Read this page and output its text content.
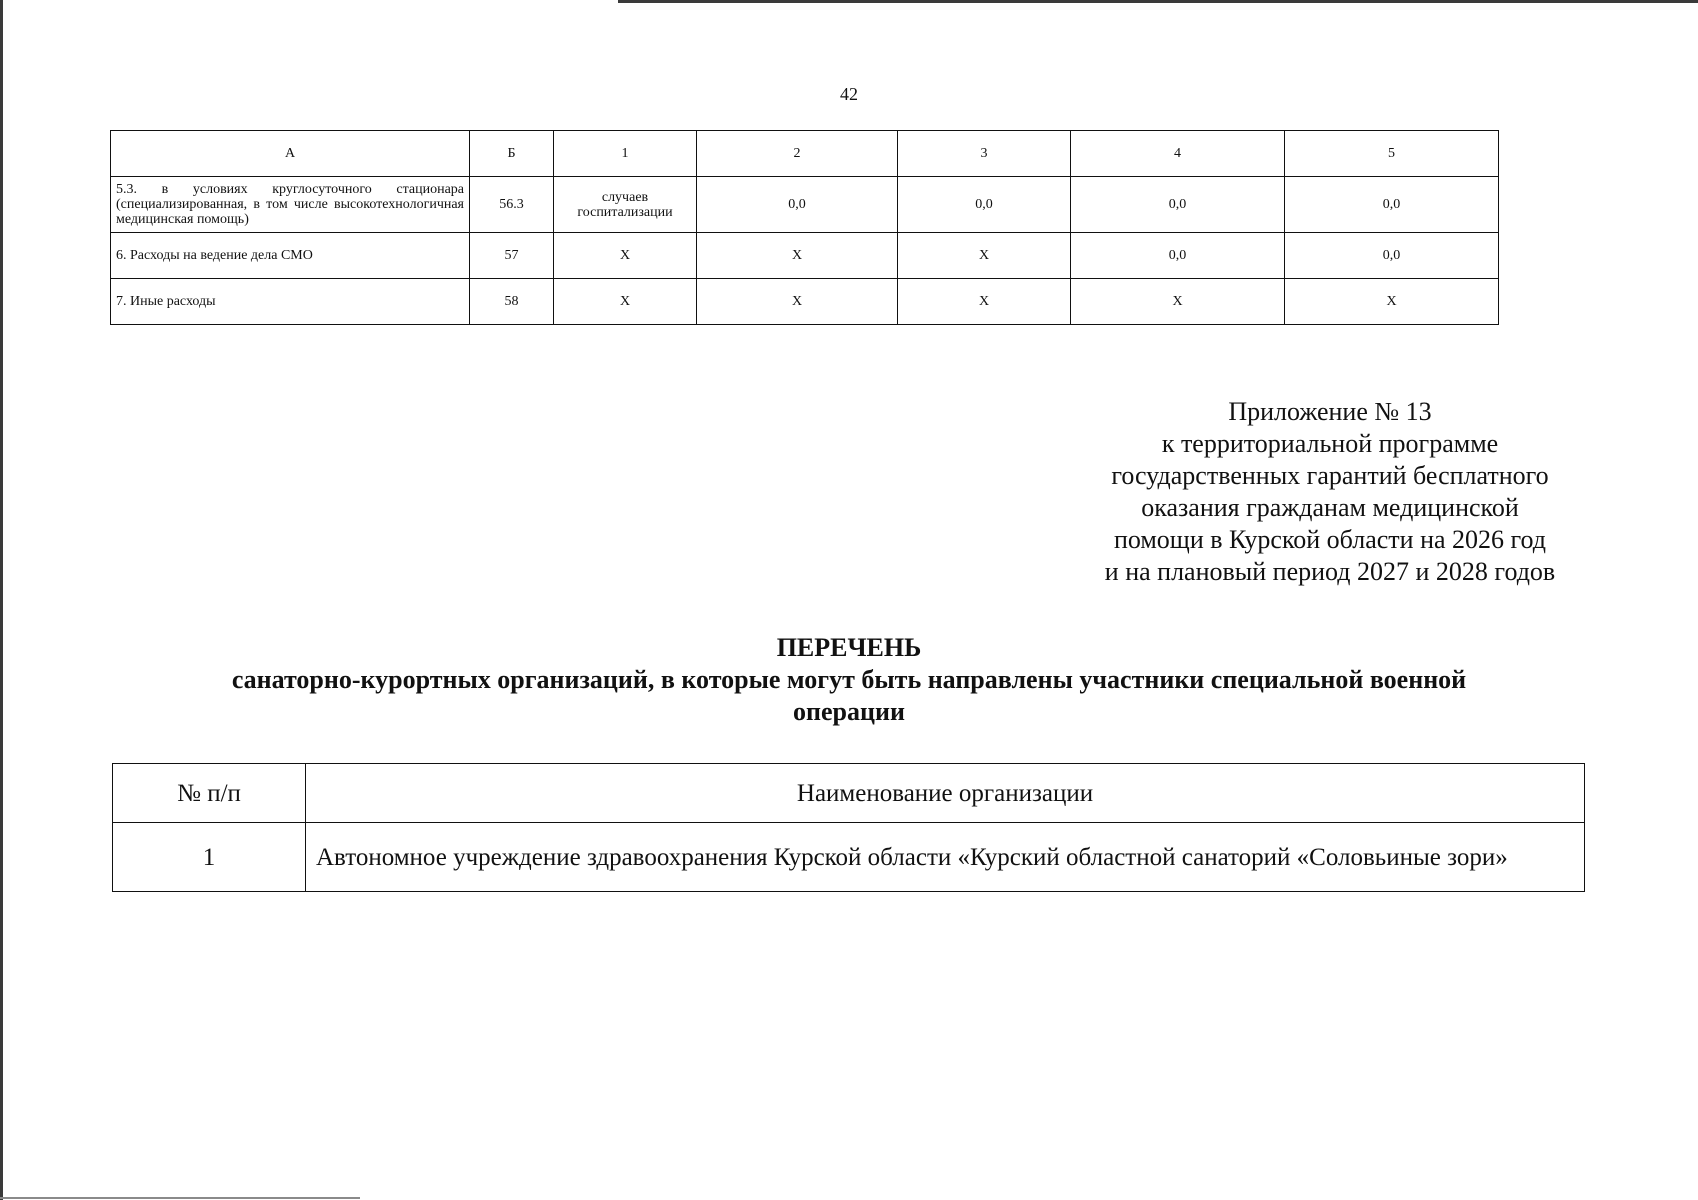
42
А	Б	1	2	3	4	5
5.3. в условиях круглосуточного стационара (специализированная, в том числе высокотехнологичная медицинская помощь)	56.3	случаев госпитализации	0,0	0,0	0,0	0,0
6. Расходы на ведение дела СМО	57	Х	Х	Х	0,0	0,0
7. Иные расходы	58	Х	Х	Х	Х	Х
Приложение № 13
к территориальной программе
государственных гарантий бесплатного
оказания гражданам медицинской
помощи в Курской области на 2026 год
и на плановый период 2027 и 2028 годов
ПЕРЕЧЕНЬ
санаторно-курортных организаций, в которые могут быть направлены участники специальной военной
операции
№ п/п	Наименование организации
1	Автономное учреждение здравоохранения Курской области «Курский областной санаторий «Соловьиные зори»
